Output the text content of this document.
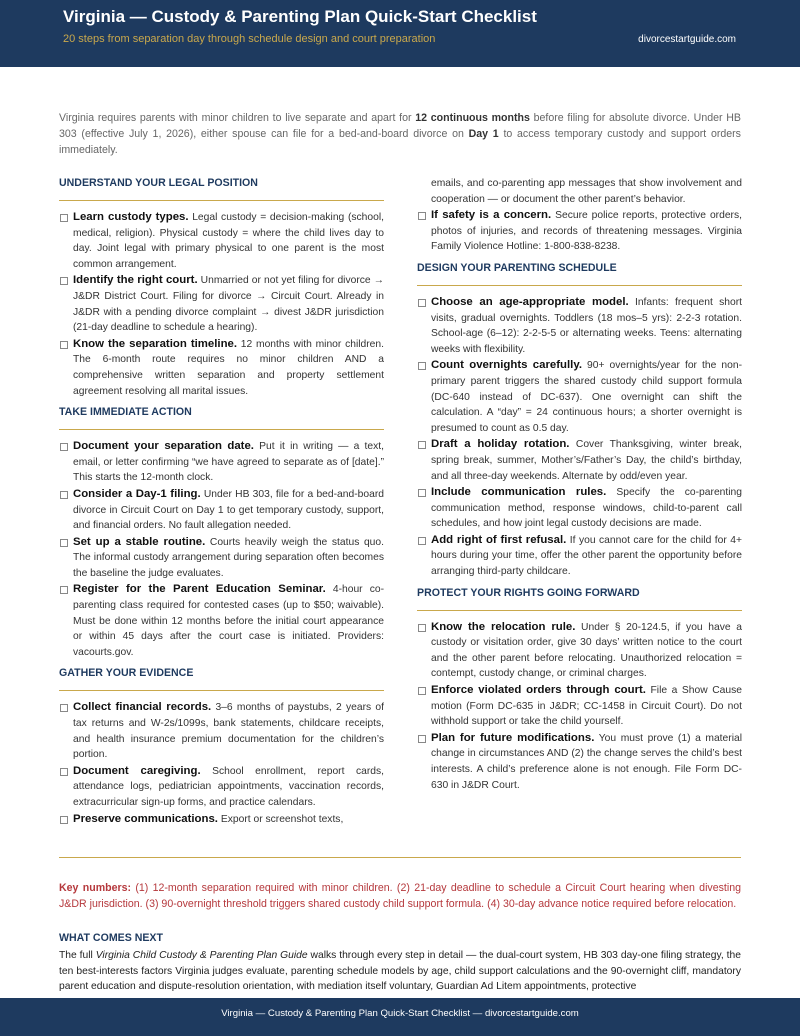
Virginia — Custody & Parenting Plan Quick-Start Checklist
20 steps from separation day through schedule design and court preparation	divorcestartguide.com
Virginia requires parents with minor children to live separate and apart for 12 continuous months before filing for absolute divorce. Under HB 303 (effective July 1, 2026), either spouse can file for a bed-and-board divorce on Day 1 to access temporary custody and support orders immediately.
UNDERSTAND YOUR LEGAL POSITION
Learn custody types. Legal custody = decision-making (school, medical, religion). Physical custody = where the child lives day to day. Joint legal with primary physical to one parent is the most common arrangement.
Identify the right court. Unmarried or not yet filing for divorce → J&DR District Court. Filing for divorce → Circuit Court. Already in J&DR with a pending divorce complaint → divest J&DR jurisdiction (21-day deadline to schedule a hearing).
Know the separation timeline. 12 months with minor children. The 6-month route requires no minor children AND a comprehensive written separation and property settlement agreement resolving all marital issues.
TAKE IMMEDIATE ACTION
Document your separation date. Put it in writing — a text, email, or letter confirming “we have agreed to separate as of [date].” This starts the 12-month clock.
Consider a Day-1 filing. Under HB 303, file for a bed-and-board divorce in Circuit Court on Day 1 to get temporary custody, support, and financial orders. No fault allegation needed.
Set up a stable routine. Courts heavily weigh the status quo. The informal custody arrangement during separation often becomes the baseline the judge evaluates.
Register for the Parent Education Seminar. 4-hour co-parenting class required for contested cases (up to $50; waivable). Must be done within 12 months before the initial court appearance or within 45 days after the court case is initiated. Providers: vacourts.gov.
GATHER YOUR EVIDENCE
Collect financial records. 3–6 months of paystubs, 2 years of tax returns and W-2s/1099s, bank statements, childcare receipts, and health insurance premium documentation for the children’s portion.
Document caregiving. School enrollment, report cards, attendance logs, pediatrician appointments, vaccination records, extracurricular sign-up forms, and practice calendars.
Preserve communications. Export or screenshot texts,
emails, and co-parenting app messages that show involvement and cooperation — or document the other parent’s behavior.
If safety is a concern. Secure police reports, protective orders, photos of injuries, and records of threatening messages. Virginia Family Violence Hotline: 1-800-838-8238.
DESIGN YOUR PARENTING SCHEDULE
Choose an age-appropriate model. Infants: frequent short visits, gradual overnights. Toddlers (18 mos–5 yrs): 2-2-3 rotation. School-age (6–12): 2-2-5-5 or alternating weeks. Teens: alternating weeks with flexibility.
Count overnights carefully. 90+ overnights/year for the non-primary parent triggers the shared custody child support formula (DC-640 instead of DC-637). One overnight can shift the calculation. A “day” = 24 continuous hours; a shorter overnight is presumed to count as 0.5 day.
Draft a holiday rotation. Cover Thanksgiving, winter break, spring break, summer, Mother’s/Father’s Day, the child’s birthday, and all three-day weekends. Alternate by odd/even year.
Include communication rules. Specify the co-parenting communication method, response windows, child-to-parent call schedules, and how joint legal custody decisions are made.
Add right of first refusal. If you cannot care for the child for 4+ hours during your time, offer the other parent the opportunity before arranging third-party childcare.
PROTECT YOUR RIGHTS GOING FORWARD
Know the relocation rule. Under § 20-124.5, if you have a custody or visitation order, give 30 days’ written notice to the court and the other parent before relocating. Unauthorized relocation = contempt, custody change, or criminal charges.
Enforce violated orders through court. File a Show Cause motion (Form DC-635 in J&DR; CC-1458 in Circuit Court). Do not withhold support or take the child yourself.
Plan for future modifications. You must prove (1) a material change in circumstances AND (2) the change serves the child’s best interests. A child’s preference alone is not enough. File Form DC-630 in J&DR Court.
Key numbers: (1) 12-month separation required with minor children. (2) 21-day deadline to schedule a Circuit Court hearing when divesting J&DR jurisdiction. (3) 90-overnight threshold triggers shared custody child support formula. (4) 30-day advance notice required before relocation.
WHAT COMES NEXT
The full Virginia Child Custody & Parenting Plan Guide walks through every step in detail — the dual-court system, HB 303 day-one filing strategy, the ten best-interests factors Virginia judges evaluate, parenting schedule models by age, child support calculations and the 90-overnight cliff, mandatory parent education and dispute-resolution orientation, with mediation itself voluntary, Guardian Ad Litem appointments, protective
Virginia — Custody & Parenting Plan Quick-Start Checklist — divorcestartguide.com
